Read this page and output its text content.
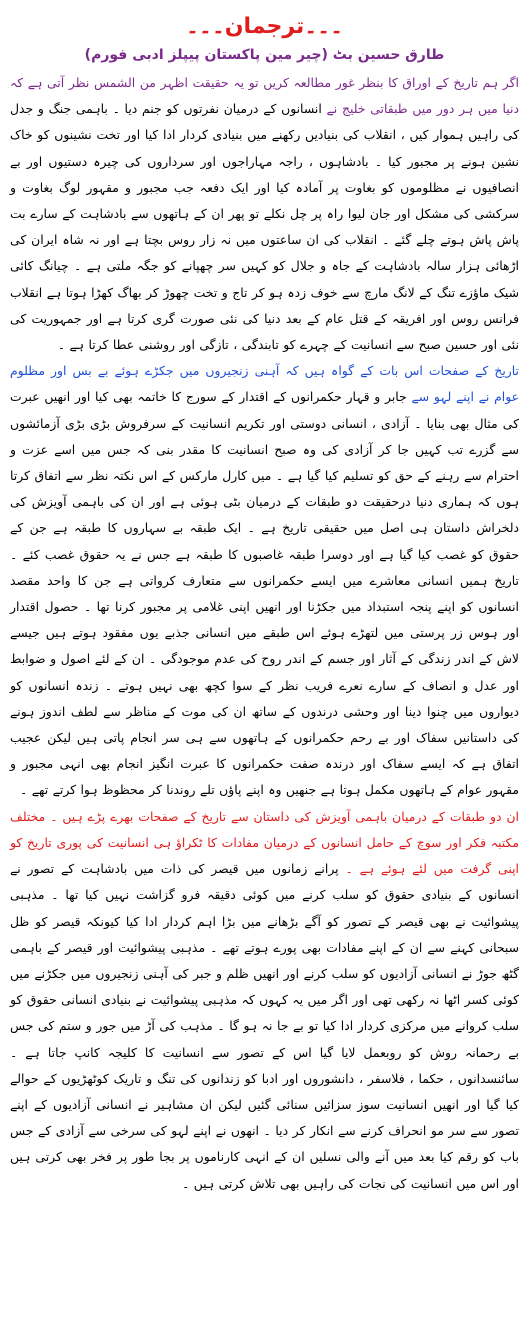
۔۔۔ترجمان۔۔۔
طارق حسین بٹ (چیر مین پاکستان پیپلز ادبی فورم)

اگر ہم تاریخ کے اوراق کا بنظر غور مطالعہ کریں تو یہ حقیقت اظہر من الشمس نظر آتی ہے کہ دنیا میں ہر دور میں طبقاتی خلیج نے انسانوں کے درمیان نفرتوں کو جنم دیا ۔ باہمی جنگ و جدل کی راہیں ہموار کیں ، انقلاب کی بنیادیں رکھنے میں بنیادی کردار ادا کیا اور تخت نشینوں کو خاک نشین ہونے پر مجبور کیا ۔ بادشاہوں ، راجہ مہاراجوں اور سرداروں کی چیرہ دستیوں اور بے انصافیوں نے مظلوموں کو بغاوت پر آمادہ کیا اور ایک دفعہ جب مجبور و مقہور لوگ بغاوت و سرکشی کی مشکل اور جان لیوا راہ پر چل نکلے تو پھر ان کے ہاتھوں سے بادشاہت کے سارے بت پاش پاش ہوتے چلے گئے ۔ انقلاب کی ان ساعتوں میں نہ زار روس بچتا ہے اور نہ شاہ ایران کی اڑھائی ہزار سالہ بادشاہت کے جاہ و جلال کو کہیں سر چھپانے کو جگہ ملتی ہے ۔ چیانگ کائی شیک ماؤزے تنگ کے لانگ مارچ سے خوف زدہ ہو کر تاج و تخت چھوڑ کر بھاگ کھڑا ہوتا ہے انقلاب فرانس روس اور افریقہ کے قتل عام کے بعد دنیا کی نئی صورت گری کرتا ہے اور جمہوریت کی نئی اور حسین صبح سے انسانیت کے چہرے کو تابندگی ، تازگی اور روشنی عطا کرتا ہے ۔

تاریخ کے صفحات اس بات کے گواہ ہیں کہ آہنی زنجیروں میں جکڑے ہوئے بے بس اور مظلوم عوام نے اپنے لہو سے جابر و قہار حکمرانوں کے اقتدار کے سورج کا خاتمہ بھی کیا اور انھیں عبرت کی مثال بھی بنایا ۔ آزادی ، انسانی دوستی اور تکریم انسانیت کے سرفروش بڑی بڑی آزمائشوں سے گزرے تب کہیں جا کر آزادی کی وہ صبح انسانیت کا مقدر بنی کہ جس میں اسے عزت و احترام سے رہنے کے حق کو تسلیم کیا گیا ہے ۔ میں کارل مارکس کے اس نکتہ نظر سے اتفاق کرتا ہوں کہ ہماری دنیا درحقیقت دو طبقات کے درمیان بٹی ہوئی ہے اور ان کی باہمی آویزش کی دلخراش داستان ہی اصل میں حقیقی تاریخ ہے ۔ ایک طبقہ بے سہاروں کا طبقہ ہے جن کے حقوق کو غصب کیا گیا ہے اور دوسرا طبقہ غاصبوں کا طبقہ ہے جس نے یہ حقوق غصب کئے ۔ تاریخ ہمیں انسانی معاشرے میں ایسے حکمرانوں سے متعارف کرواتی ہے جن کا واحد مقصد انسانوں کو اپنے پنجہ استبداد میں جکڑنا اور انھیں اپنی غلامی پر مجبور کرنا تھا ۔ حصول اقتدار اور ہوس زر پرستی میں لتھڑے ہوئے اس طبقے میں انسانی جذبے یوں مفقود ہوتے ہیں جیسے لاش کے اندر زندگی کے آثار اور جسم کے اندر روح کی عدم موجودگی ۔ ان کے لئے اصول و ضوابط اور عدل و انصاف کے سارے نعرے فریب نظر کے سوا کچھ بھی نہیں ہوتے ۔ زندہ انسانوں کو دیواروں میں چنوا دینا اور وحشی درندوں کے ساتھ ان کی موت کے مناظر سے لطف اندوز ہونے کی داستانیں سفاک اور بے رحم حکمرانوں کے ہاتھوں سے ہی سر انجام پاتی ہیں لیکن عجیب اتفاق ہے کہ ایسے سفاک اور درندہ صفت حکمرانوں کا عبرت انگیز انجام بھی انہی مجبور و مقہور عوام کے ہاتھوں مکمل ہوتا ہے جنھیں وہ اپنے پاؤں تلے روندنا کر محظوظ ہوا کرتے تھے ۔

ان دو طبقات کے درمیان باہمی آویزش کی داستان سے تاریخ کے صفحات بھرے پڑے ہیں ۔ مختلف مکتبہ فکر اور سوچ کے حامل انسانوں کے درمیان مفادات کا ٹکراؤ ہی انسانیت کی پوری تاریخ کو اپنی گرفت میں لئے ہوئے ہے ۔ پرانے زمانوں میں قیصر کی ذات میں بادشاہت کے تصور نے انسانوں کے بنیادی حقوق کو سلب کرنے میں کوئی دقیقہ فرو گزاشت نہیں کیا تھا ۔ مذہبی پیشوائیت نے بھی قیصر کے تصور کو آگے بڑھانے میں بڑا اہم کردار ادا کیا کیونکہ قیصر کو ظل سبحانی کہنے سے ان کے اپنے مفادات بھی پورے ہوتے تھے ۔ مذہبی پیشوائیت اور قیصر کے باہمی گٹھ جوڑ نے انسانی آزادیوں کو سلب کرنے اور انھیں ظلم و جبر کی آہنی زنجیروں میں جکڑنے میں کوئی کسر اٹھا نہ رکھی تھی اور اگر میں یہ کہوں کہ مذہبی پیشوائیت نے بنیادی انسانی حقوق کو سلب کروانے میں مرکزی کردار ادا کیا تو بے جا نہ ہو گا ۔ مذہب کی آڑ میں جور و ستم کی جس بے رحمانہ روش کو روبعمل لایا گیا اس کے تصور سے انسانیت کا کلیجہ کانپ جاتا ہے ۔ سائنسدانوں ، حکما ، فلاسفر ، دانشوروں اور ادبا کو زندانوں کی تنگ و تاریک کوٹھڑیوں کے حوالے کیا گیا اور انھیں انسانیت سوز سزائیں سنائی گئیں لیکن ان مشاہیر نے انسانی آزادیوں کے اپنے تصور سے سر مو انحراف کرنے سے انکار کر دیا ۔ انھوں نے اپنے لہو کی سرخی سے آزادی کے جس باب کو رقم کیا بعد میں آنے والی نسلیں ان کے انہی کارناموں پر بجا طور پر فخر بھی کرتی ہیں اور اس میں انسانیت کی نجات کی راہیں بھی تلاش کرتی ہیں ۔
